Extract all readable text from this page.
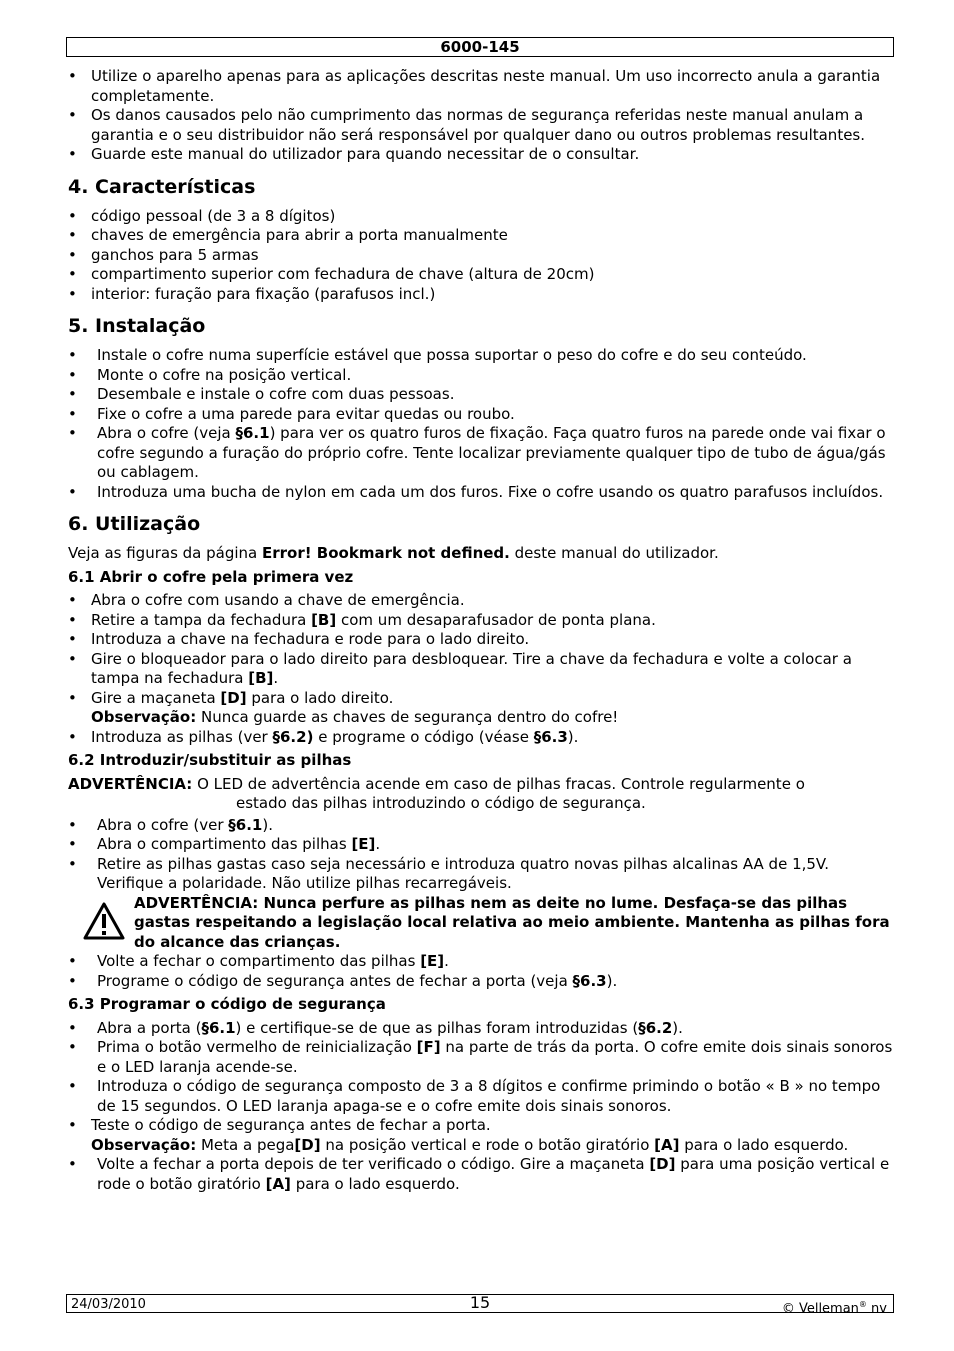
6000-145
• Utilize o aparelho apenas para as aplicações descritas neste manual. Um uso incorrecto anula a garantia completamente.
• Os danos causados pelo não cumprimento das normas de segurança referidas neste manual anulam a garantia e o seu distribuidor não será responsável por qualquer dano ou outros problemas resultantes.
• Guarde este manual do utilizador para quando necessitar de o consultar.
4. Características
• código pessoal (de 3 a 8 dígitos)
• chaves de emergência para abrir a porta manualmente
• ganchos para 5 armas
• compartimento superior com fechadura de chave (altura de 20cm)
• interior: furação para fixação (parafusos incl.)
5. Instalação
• Instale o cofre numa superfície estável que possa suportar o peso do cofre e do seu conteúdo.
• Monte o cofre na posição vertical.
• Desembale e instale o cofre com duas pessoas.
• Fixe o cofre a uma parede para evitar quedas ou roubo.
• Abra o cofre (veja §6.1) para ver os quatro furos de fixação. Faça quatro furos na parede onde vai fixar o cofre segundo a furação do próprio cofre. Tente localizar previamente qualquer tipo de tubo de água/gás ou cablagem.
• Introduza uma bucha de nylon em cada um dos furos. Fixe o cofre usando os quatro parafusos incluídos.
6. Utilização

Veja as figuras da página Error! Bookmark not defined. deste manual do utilizador.

6.1 Abrir o cofre pela primera vez
• Abra o cofre com usando a chave de emergência.
• Retire a tampa da fechadura [B] com um desaparafusador de ponta plana.
• Introduza a chave na fechadura e rode para o lado direito.
• Gire o bloqueador para o lado direito para desbloquear. Tire a chave da fechadura e volte a colocar a tampa na fechadura [B].
• Gire a maçaneta [D] para o lado direito.
Observação: Nunca guarde as chaves de segurança dentro do cofre!
• Introduza as pilhas (ver §6.2) e programe o código (véase §6.3).
6.2 Introduzir/substituir as pilhas
ADVERTÊNCIA: O LED de advertência acende em caso de pilhas fracas. Controle regularmente o
estado das pilhas introduzindo o código de segurança.
• Abra o cofre (ver §6.1).
• Abra o compartimento das pilhas [E].
• Retire as pilhas gastas caso seja necessário e introduza quatro novas pilhas alcalinas AA de 1,5V. Verifique a polaridade. Não utilize pilhas recarregáveis.
ADVERTÊNCIA: Nunca perfure as pilhas nem as deite no lume. Desfaça-se das pilhas gastas respeitando a legislação local relativa ao meio ambiente. Mantenha as pilhas fora do alcance das crianças.
• Volte a fechar o compartimento das pilhas [E].
• Programe o código de segurança antes de fechar a porta (veja §6.3).
6.3 Programar o código de segurança
• Abra a porta (§6.1) e certifique-se de que as pilhas foram introduzidas (§6.2).
• Prima o botão vermelho de reinicialização [F] na parte de trás da porta. O cofre emite dois sinais sonoros e o LED laranja acende-se.
• Introduza o código de segurança composto de 3 a 8 dígitos e confirme primindo o botão « B » no tempo de 15 segundos. O LED laranja apaga-se e o cofre emite dois sinais sonoros.
• Teste o código de segurança antes de fechar a porta.
Observação: Meta a pega[D] na posição vertical e rode o botão giratório [A] para o lado esquerdo.
• Volte a fechar a porta depois de ter verificado o código. Gire a maçaneta [D] para uma posição vertical e rode o botão giratório [A] para o lado esquerdo.
24/03/2010	15	© Velleman® nv
